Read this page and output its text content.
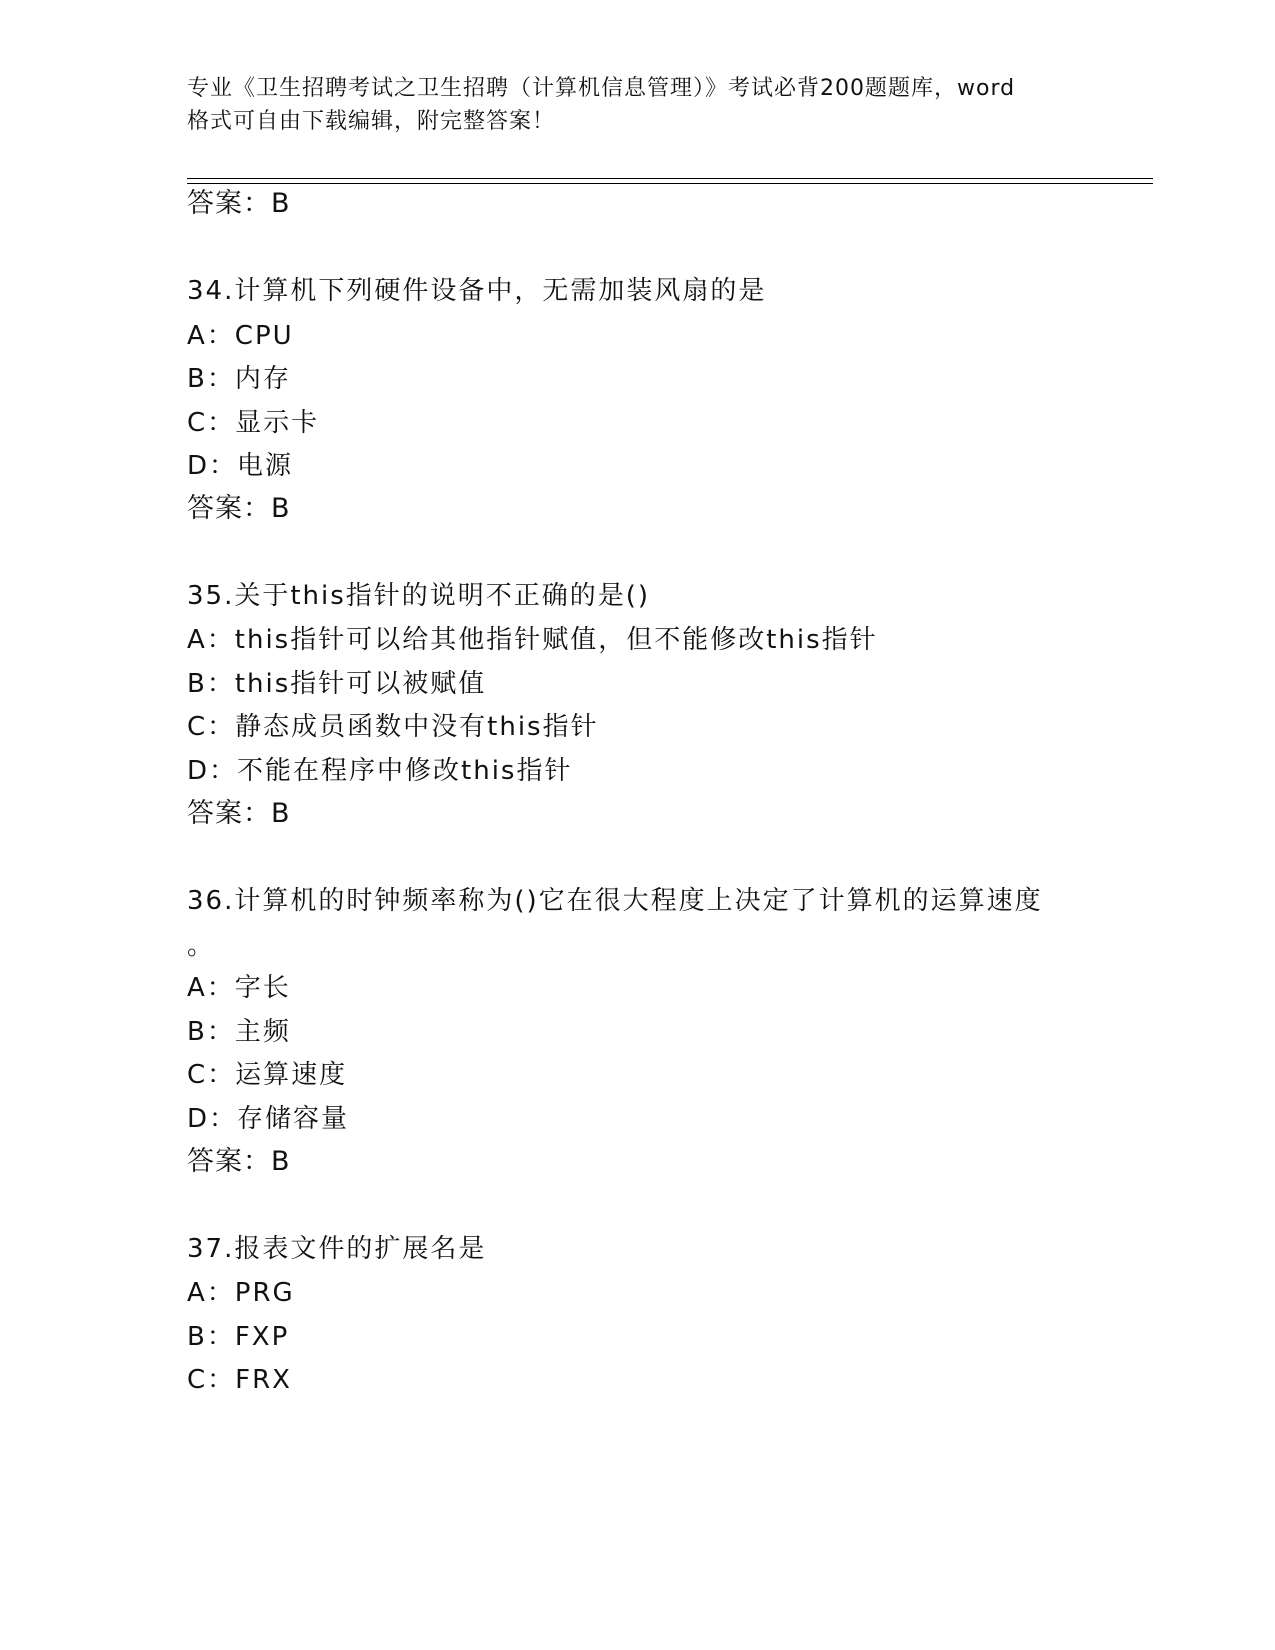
专业《卫生招聘考试之卫生招聘（计算机信息管理）》考试必背200题题库，word
格式可自由下载编辑，附完整答案！
答案：B
34.计算机下列硬件设备中，无需加装风扇的是
A：CPU
B：内存
C：显示卡
D：电源
答案：B
35.关于this指针的说明不正确的是()
A：this指针可以给其他指针赋值，但不能修改this指针
B：this指针可以被赋值
C：静态成员函数中没有this指针
D：不能在程序中修改this指针
答案：B
36.计算机的时钟频率称为()它在很大程度上决定了计算机的运算速度
。
A：字长
B：主频
C：运算速度
D：存储容量
答案：B
37.报表文件的扩展名是
A：PRG
B：FXP
C：FRX
